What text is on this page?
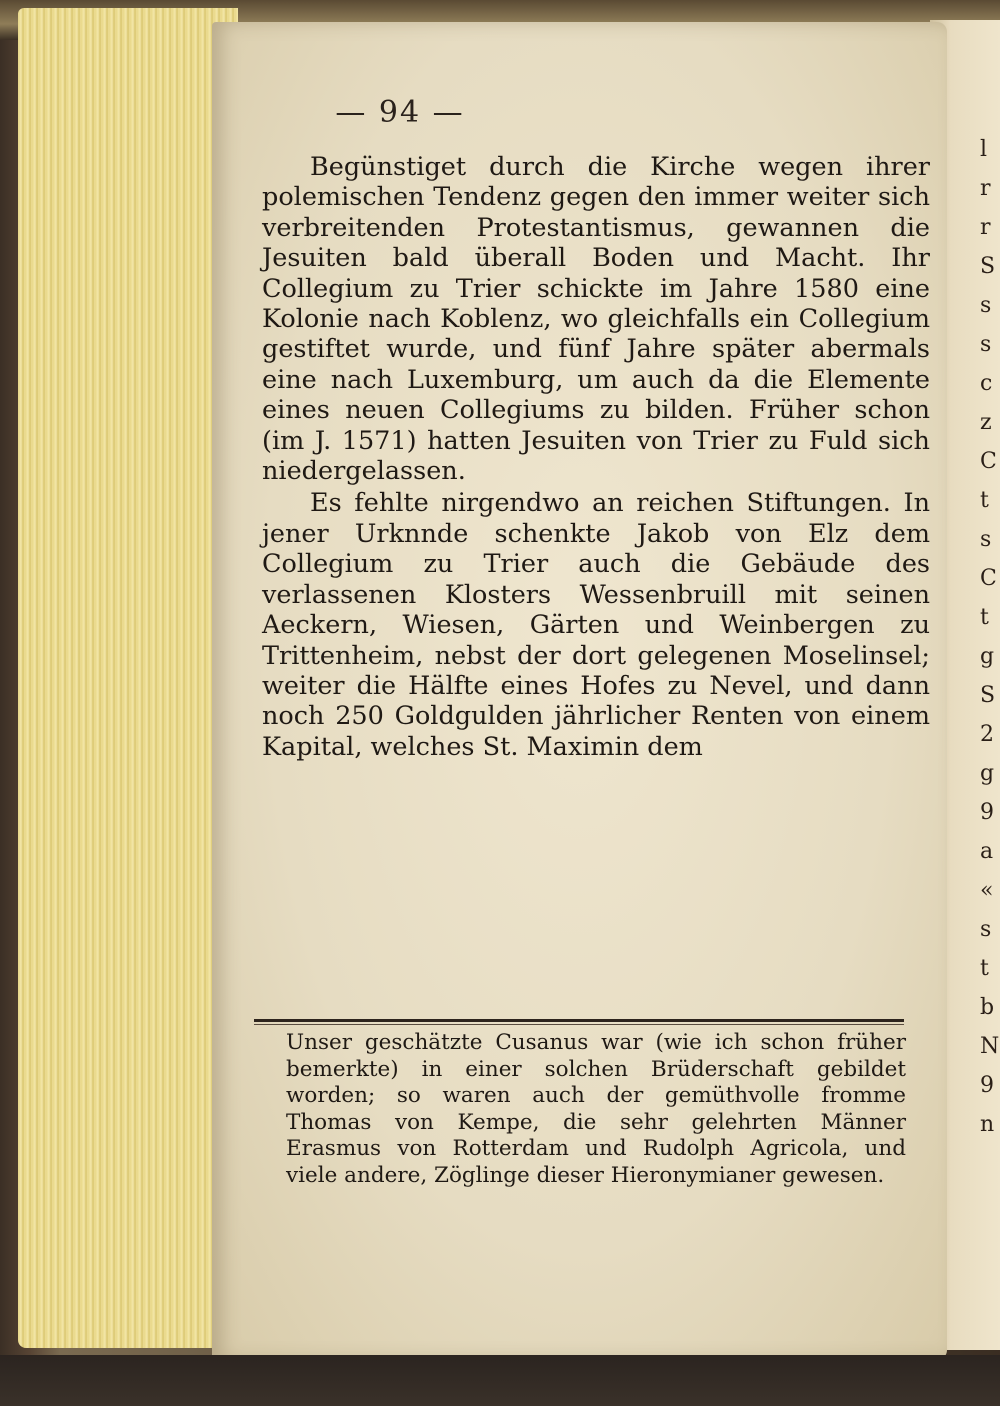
l r r S s s c z C t s C t g S 2 g 9 a « s t b N 9 n
— 94 —

Begünstiget durch die Kirche wegen ihrer polemischen Tendenz gegen den immer weiter sich verbreitenden Protestantismus, gewannen die Jesuiten bald überall Boden und Macht. Ihr Collegium zu Trier schickte im Jahre 1580 eine Kolonie nach Koblenz, wo gleichfalls ein Collegium gestiftet wurde, und fünf Jahre später abermals eine nach Luxemburg, um auch da die Elemente eines neuen Collegiums zu bilden. Früher schon (im J. 1571) hatten Jesuiten von Trier zu Fuld sich niedergelassen.

Es fehlte nirgendwo an reichen Stiftungen. In jener Urknnde schenkte Jakob von Elz dem Collegium zu Trier auch die Gebäude des verlassenen Klosters Wessenbruill mit seinen Aeckern, Wiesen, Gärten und Weinbergen zu Trittenheim, nebst der dort gelegenen Moselinsel; weiter die Hälfte eines Hofes zu Nevel, und dann noch 250 Goldgulden jährlicher Renten von einem Kapital, welches St. Maximin dem

Unser geschätzte Cusanus war (wie ich schon früher bemerkte) in einer solchen Brüderschaft gebildet worden; so waren auch der gemüthvolle fromme Thomas von Kempe, die sehr gelehrten Männer Erasmus von Rotterdam und Rudolph Agricola, und viele andere, Zöglinge dieser Hieronymianer gewesen.
